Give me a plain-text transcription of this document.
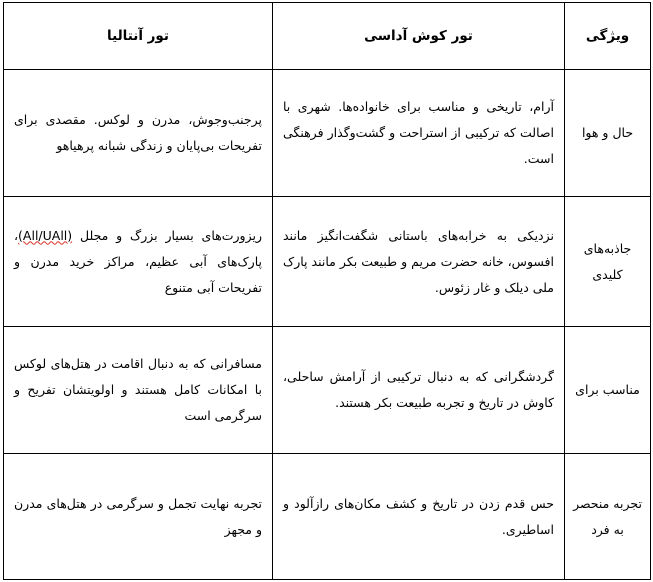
ویژگی	تور کوش آداسی	تور آنتالیا
حال و هوا	آرام، تاریخی و مناسب برای خانواده‌ها. شهری با اصالت که ترکیبی از استراحت و گشت‌وگذار فرهنگی است.	پرجنب‌وجوش، مدرن و لوکس. مقصدی برای تفریحات بی‌پایان و زندگی شبانه پرهیاهو
جاذبه‌های کلیدی	نزدیکی به خرابه‌های باستانی شگفت‌انگیز مانند افسوس، خانه حضرت مریم و طبیعت بکر مانند پارک ملی دیلک و غار زئوس.	ریزورت‌های بسیار بزرگ و مجلل (All/UAll)، پارک‌های آبی عظیم، مراکز خرید مدرن و تفریحات آبی متنوع
مناسب برای	گردشگرانی که به دنبال ترکیبی از آرامش ساحلی، کاوش در تاریخ و تجربه طبیعت بکر هستند.	مسافرانی که به دنبال اقامت در هتل‌های لوکس با امکانات کامل هستند و اولویتشان تفریح و سرگرمی است
تجربه منحصر به فرد	حس قدم زدن در تاریخ و کشف مکان‌های رازآلود و اساطیری.	تجربه نهایت تجمل و سرگرمی در هتل‌های مدرن و مجهز
